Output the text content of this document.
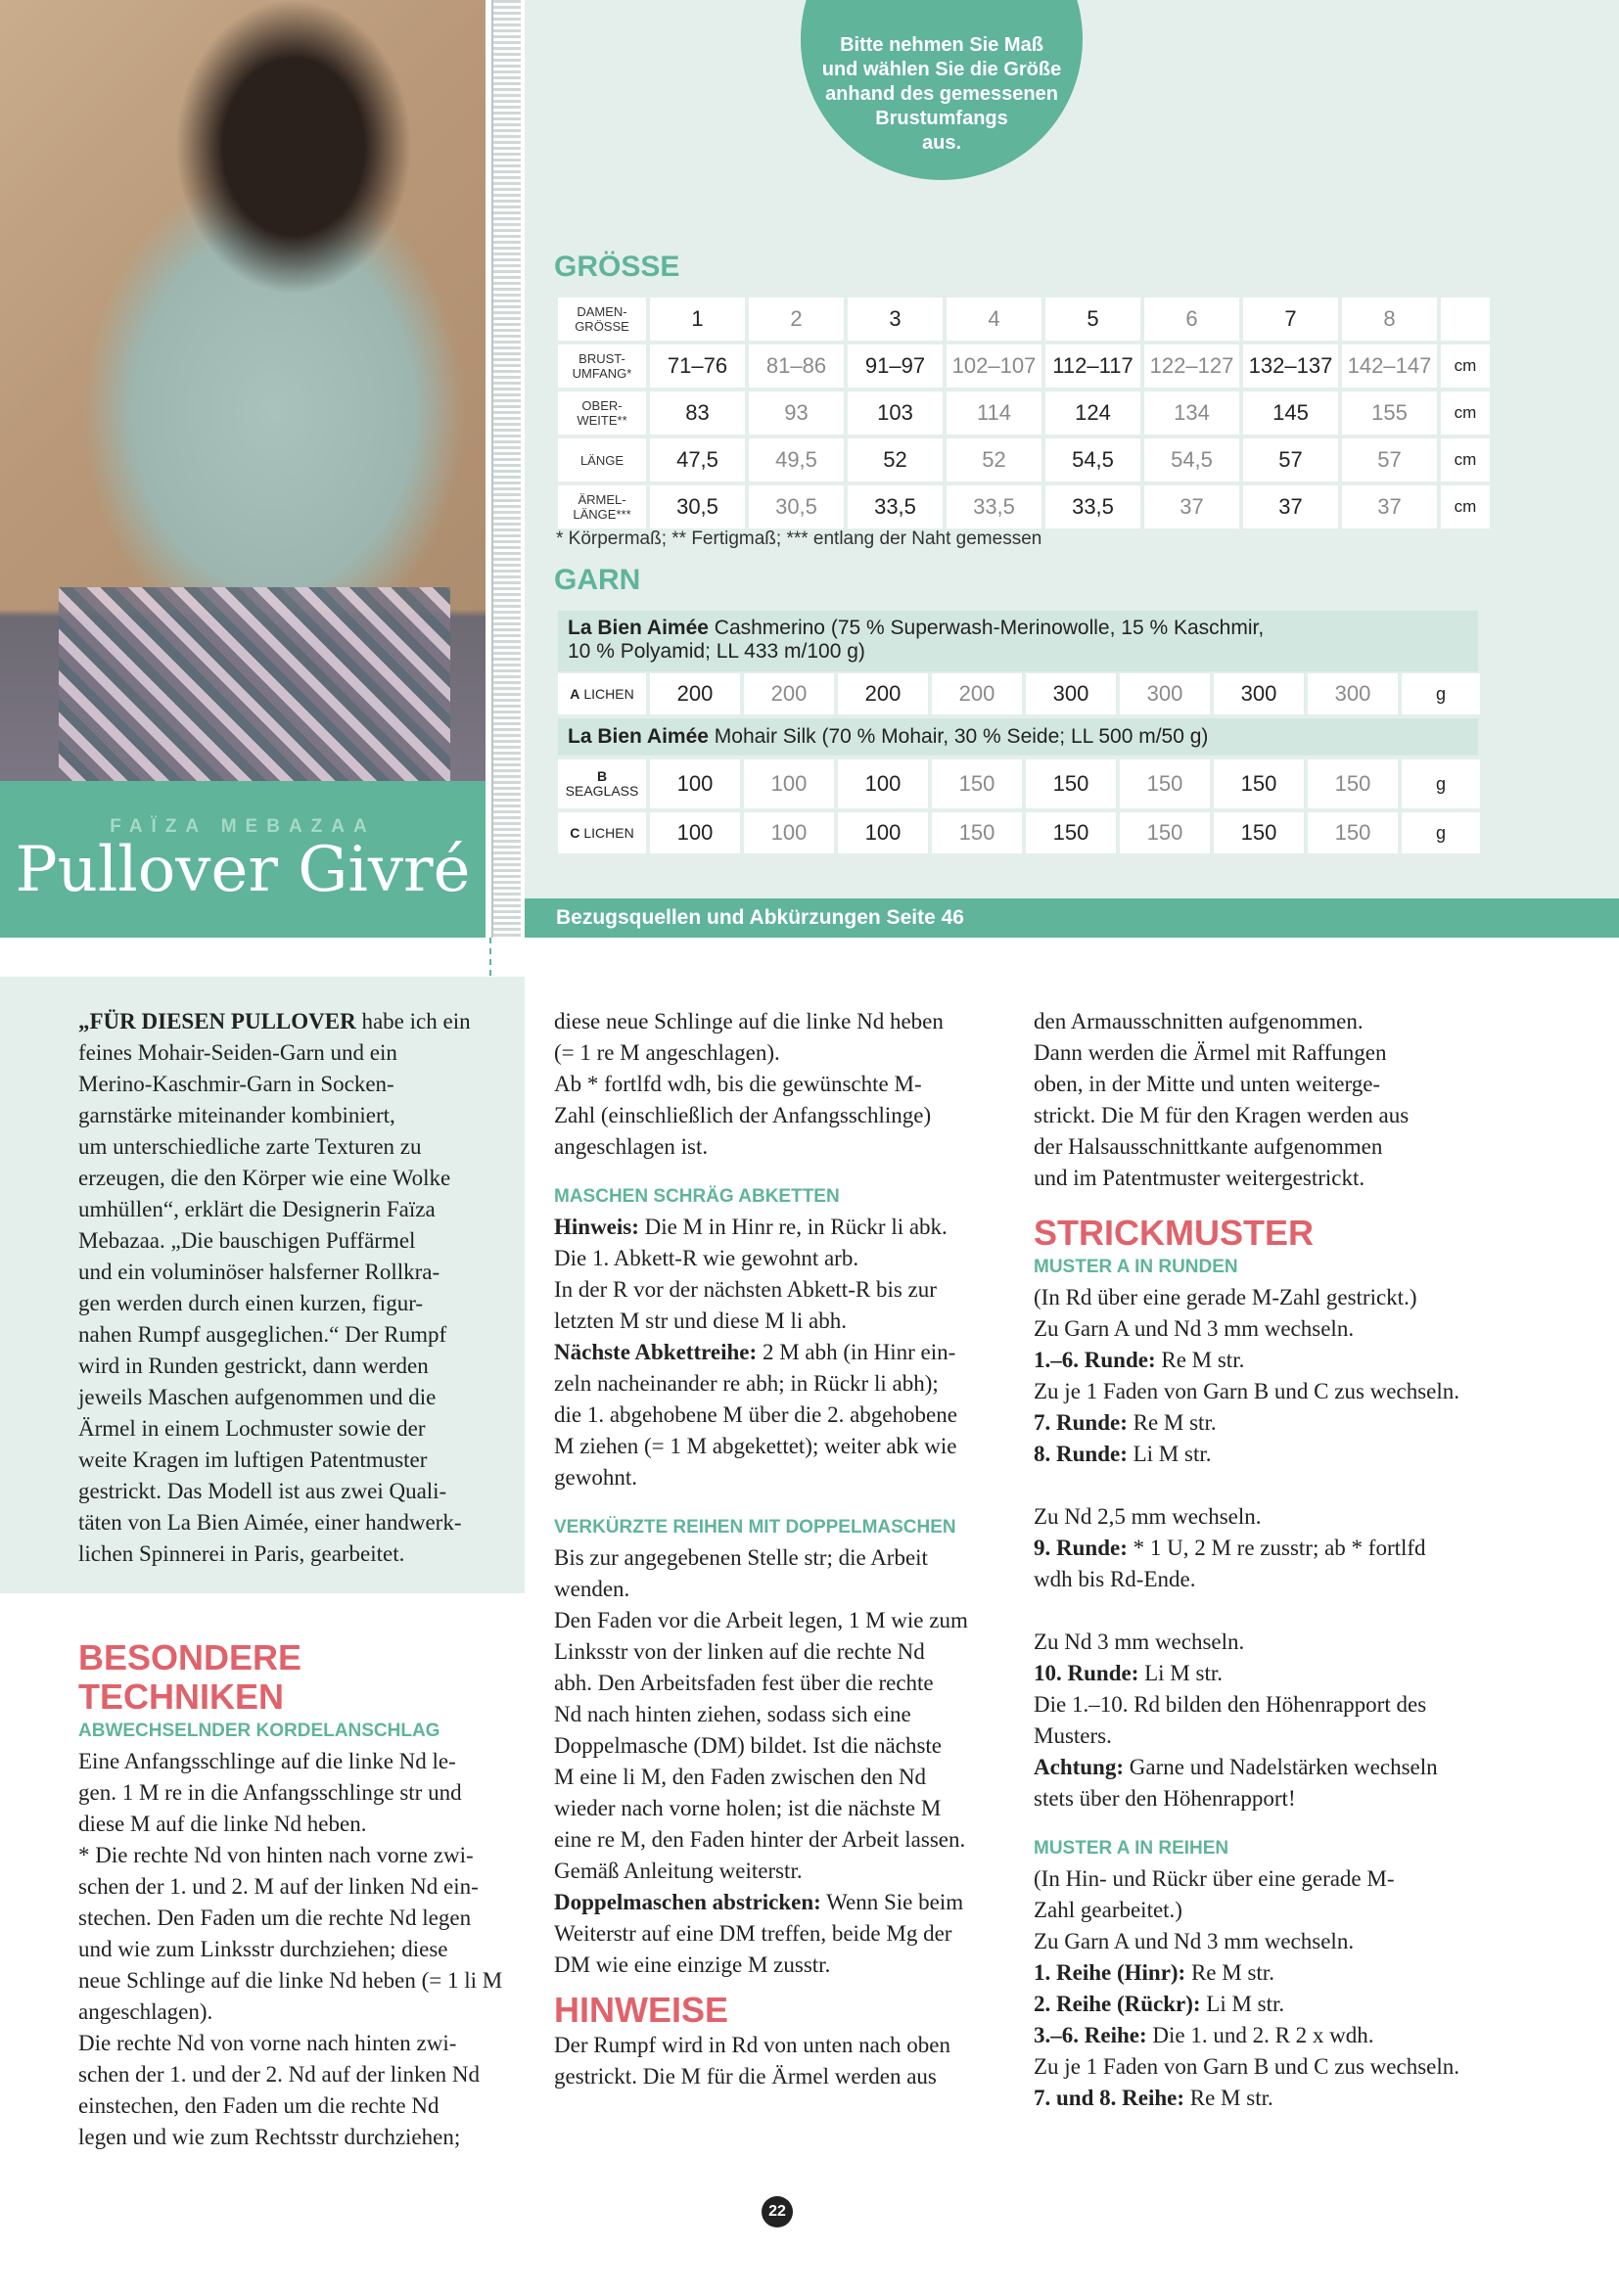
FAÏZA MEBAZAA
Pullover Givré
Bitte nehmen Sie Maß
und wählen Sie die Größe
anhand des gemessenen
Brustumfangs
aus.
GRÖSSE
DAMEN-
GRÖSSE	1	2	3	4	5	6	7	8	
BRUST-
UMFANG*	71–76	81–86	91–97	102–107	112–117	122–127	132–137	142–147	cm
OBER-
WEITE**	83	93	103	114	124	134	145	155	cm
LÄNGE	47,5	49,5	52	52	54,5	54,5	57	57	cm
ÄRMEL-
LÄNGE***	30,5	30,5	33,5	33,5	33,5	37	37	37	cm
* Körpermaß; ** Fertigmaß; *** entlang der Naht gemessen
GARN
La Bien Aimée Cashmerino (75 % Superwash-Merinowolle, 15 % Kaschmir,
10 % Polyamid; LL 433 m/100 g)
A LICHEN	200	200	200	200	300	300	300	300	g
La Bien Aimée Mohair Silk (70 % Mohair, 30 % Seide; LL 500 m/50 g)
B
SEAGLASS	100	100	100	150	150	150	150	150	g
C LICHEN	100	100	100	150	150	150	150	150	g
Bezugsquellen und Abkürzungen Seite 46

„FÜR DIESEN PULLOVER habe ich ein

feines Mohair-Seiden-Garn und ein

Merino-Kaschmir-Garn in Socken-

garnstärke miteinander kombiniert,

um unterschiedliche zarte Texturen zu

erzeugen, die den Körper wie eine Wolke

umhüllen“, erklärt die Designerin Faïza

Mebazaa. „Die bauschigen Puffärmel

und ein voluminöser halsferner Rollkra-

gen werden durch einen kurzen, figur-

nahen Rumpf ausgeglichen.“ Der Rumpf

wird in Runden gestrickt, dann werden

jeweils Maschen aufgenommen und die

Ärmel in einem Lochmuster sowie der

weite Kragen im luftigen Patentmuster

gestrickt. Das Modell ist aus zwei Quali-

täten von La Bien Aimée, einer handwerk-

lichen Spinnerei in Paris, gearbeitet.

BESONDERE TECHNIKEN
ABWECHSELNDER KORDELANSCHLAG

Eine Anfangsschlinge auf die linke Nd le-

gen. 1 M re in die Anfangsschlinge str und

diese M auf die linke Nd heben.

* Die rechte Nd von hinten nach vorne zwi-

schen der 1. und 2. M auf der linken Nd ein-

stechen. Den Faden um die rechte Nd legen

und wie zum Linksstr durchziehen; diese

neue Schlinge auf die linke Nd heben (= 1 li M

angeschlagen).

Die rechte Nd von vorne nach hinten zwi-

schen der 1. und der 2. Nd auf der linken Nd

einstechen, den Faden um die rechte Nd

legen und wie zum Rechtsstr durchziehen;

diese neue Schlinge auf die linke Nd heben

(= 1 re M angeschlagen).

Ab * fortlfd wdh, bis die gewünschte M-

Zahl (einschließlich der Anfangsschlinge)

angeschlagen ist.

MASCHEN SCHRÄG ABKETTEN

Hinweis: Die M in Hinr re, in Rückr li abk.

Die 1. Abkett-R wie gewohnt arb.

In der R vor der nächsten Abkett-R bis zur

letzten M str und diese M li abh.

Nächste Abkettreihe: 2 M abh (in Hinr ein-

zeln nacheinander re abh; in Rückr li abh);

die 1. abgehobene M über die 2. abgehobene

M ziehen (= 1 M abgekettet); weiter abk wie

gewohnt.

VERKÜRZTE REIHEN MIT DOPPELMASCHEN

Bis zur angegebenen Stelle str; die Arbeit

wenden.

Den Faden vor die Arbeit legen, 1 M wie zum

Linksstr von der linken auf die rechte Nd

abh. Den Arbeitsfaden fest über die rechte

Nd nach hinten ziehen, sodass sich eine

Doppelmasche (DM) bildet. Ist die nächste

M eine li M, den Faden zwischen den Nd

wieder nach vorne holen; ist die nächste M

eine re M, den Faden hinter der Arbeit lassen.

Gemäß Anleitung weiterstr.

Doppelmaschen abstricken: Wenn Sie beim

Weiterstr auf eine DM treffen, beide Mg der

DM wie eine einzige M zusstr.

HINWEISE

Der Rumpf wird in Rd von unten nach oben

gestrickt. Die M für die Ärmel werden aus

den Armausschnitten aufgenommen.

Dann werden die Ärmel mit Raffungen

oben, in der Mitte und unten weiterge-

strickt. Die M für den Kragen werden aus

der Halsausschnittkante aufgenommen

und im Patentmuster weitergestrickt.

STRICKMUSTER
MUSTER A IN RUNDEN

(In Rd über eine gerade M-Zahl gestrickt.)

Zu Garn A und Nd 3 mm wechseln.

1.–6. Runde: Re M str.

Zu je 1 Faden von Garn B und C zus wechseln.

7. Runde: Re M str.

8. Runde: Li M str.

Zu Nd 2,5 mm wechseln.

9. Runde: * 1 U, 2 M re zusstr; ab * fortlfd

wdh bis Rd-Ende.

Zu Nd 3 mm wechseln.

10. Runde: Li M str.

Die 1.–10. Rd bilden den Höhenrapport des

Musters.

Achtung: Garne und Nadelstärken wechseln

stets über den Höhenrapport!

MUSTER A IN REIHEN

(In Hin- und Rückr über eine gerade M-

Zahl gearbeitet.)

Zu Garn A und Nd 3 mm wechseln.

1. Reihe (Hinr): Re M str.

2. Reihe (Rückr): Li M str.

3.–6. Reihe: Die 1. und 2. R 2 x wdh.

Zu je 1 Faden von Garn B und C zus wechseln.

7. und 8. Reihe: Re M str.

22
